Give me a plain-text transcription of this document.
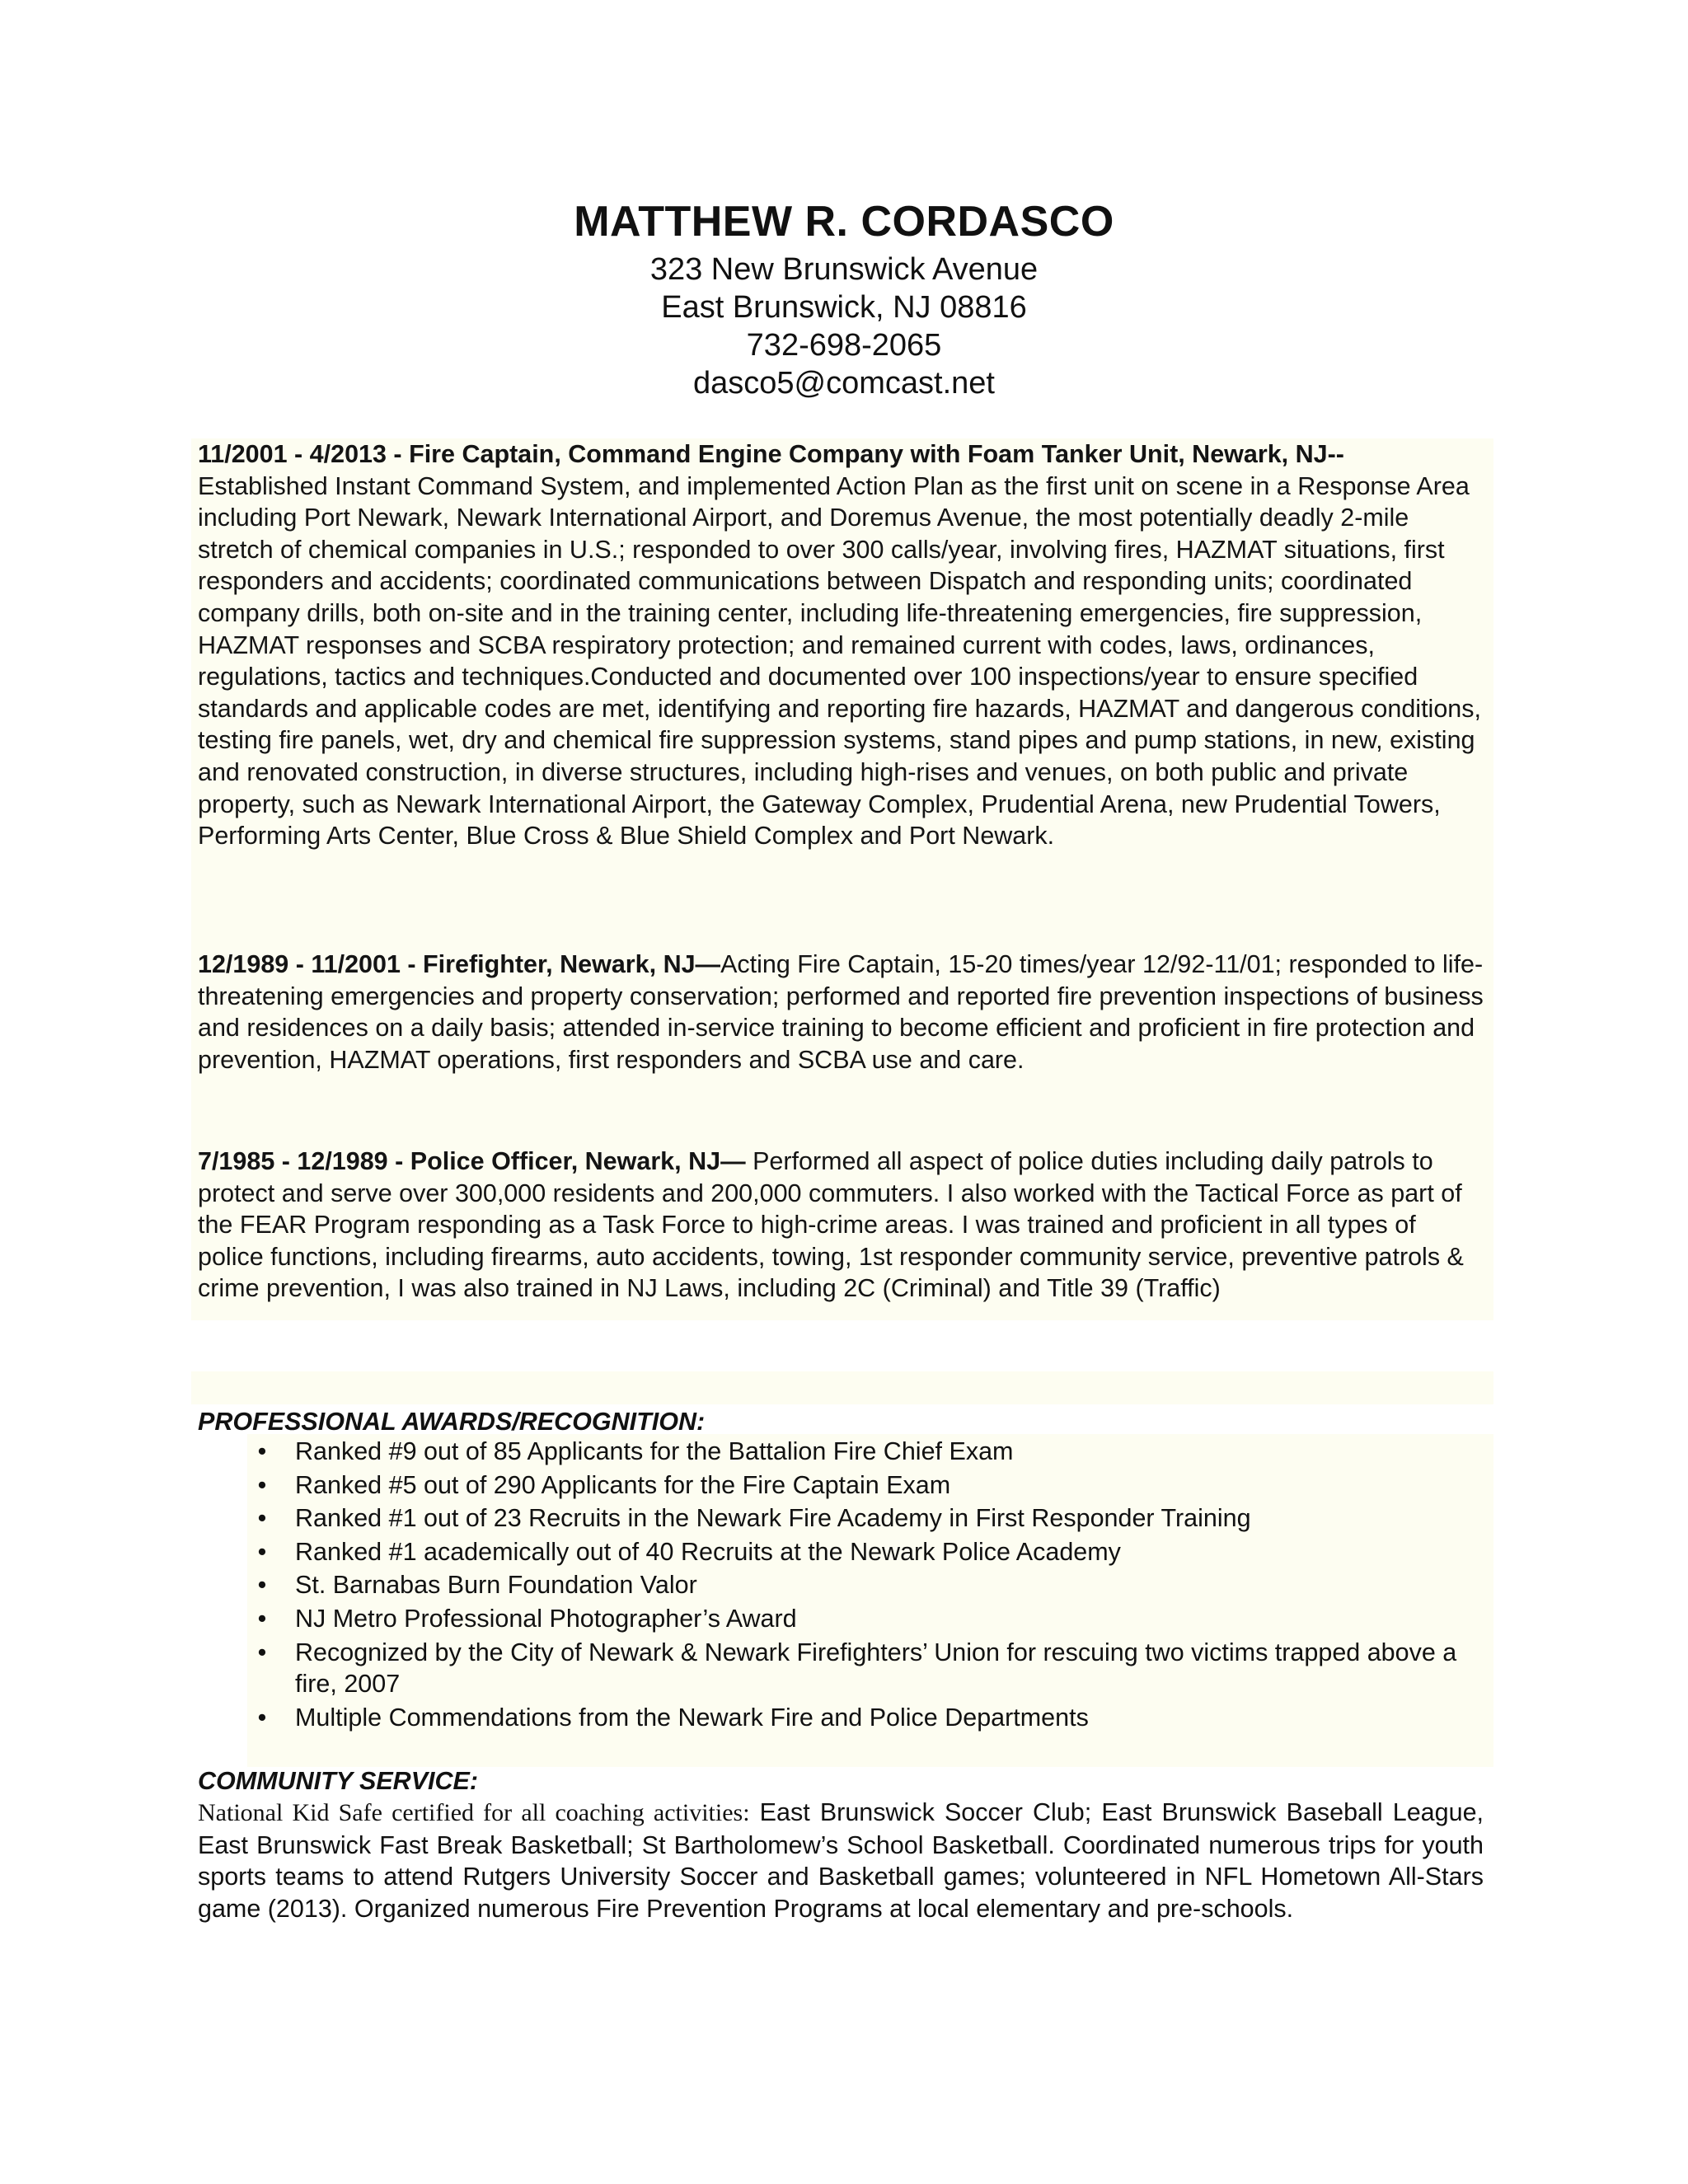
MATTHEW R. CORDASCO
323 New Brunswick Avenue
East Brunswick, NJ 08816
732-698-2065
dasco5@comcast.net
11/2001 - 4/2013 - Fire Captain, Command Engine Company with Foam Tanker Unit, Newark, NJ--
Established Instant Command System, and implemented Action Plan as the first unit on scene in a Response Area including Port Newark, Newark International Airport, and Doremus Avenue, the most potentially deadly 2-mile stretch of chemical companies in U.S.; responded to over 300 calls/year, involving fires, HAZMAT situations, first responders and accidents; coordinated communications between Dispatch and responding units; coordinated company drills, both on-site and in the training center, including life-threatening emergencies, fire suppression, HAZMAT responses and SCBA respiratory protection; and remained current with codes, laws, ordinances, regulations, tactics and techniques.Conducted and documented over 100 inspections/year to ensure specified standards and applicable codes are met, identifying and reporting fire hazards, HAZMAT and dangerous conditions, testing fire panels, wet, dry and chemical fire suppression systems, stand pipes and pump stations, in new, existing and renovated construction, in diverse structures, including high-rises and venues, on both public and private property, such as Newark International Airport, the Gateway Complex, Prudential Arena, new Prudential Towers, Performing Arts Center, Blue Cross & Blue Shield Complex and Port Newark.
12/1989 - 11/2001 - Firefighter, Newark, NJ—Acting Fire Captain, 15-20 times/year 12/92-11/01; responded to life-threatening emergencies and property conservation; performed and reported fire prevention inspections of business and residences on a daily basis; attended in-service training to become efficient and proficient in fire protection and prevention, HAZMAT operations, first responders and SCBA use and care.
7/1985 - 12/1989 - Police Officer, Newark, NJ— Performed all aspect of police duties including daily patrols to protect and serve over 300,000 residents and 200,000 commuters. I also worked with the Tactical Force as part of the FEAR Program responding as a Task Force to high-crime areas. I was trained and proficient in all types of police functions, including firearms, auto accidents, towing, 1st responder community service, preventive patrols & crime prevention, I was also trained in NJ Laws, including 2C (Criminal) and Title 39 (Traffic)
PROFESSIONAL AWARDS/RECOGNITION:
•	Ranked #9 out of 85 Applicants for the Battalion Fire Chief Exam
•	Ranked #5 out of 290 Applicants for the Fire Captain Exam
•	Ranked #1 out of 23 Recruits in the Newark Fire Academy in First Responder Training
•	Ranked #1 academically out of 40 Recruits at the Newark Police Academy
•	St. Barnabas Burn Foundation Valor
•	NJ Metro Professional Photographer’s Award
•	Recognized by the City of Newark & Newark Firefighters’ Union for rescuing two victims trapped above a fire, 2007
•	Multiple Commendations from the Newark Fire and Police Departments
COMMUNITY SERVICE:
National Kid Safe certified for all coaching activities: East Brunswick Soccer Club; East Brunswick Baseball League, East Brunswick Fast Break Basketball; St Bartholomew’s School Basketball. Coordinated numerous trips for youth sports teams to attend Rutgers University Soccer and Basketball games; volunteered in NFL Hometown All-Stars game (2013). Organized numerous Fire Prevention Programs at local elementary and pre-schools.
